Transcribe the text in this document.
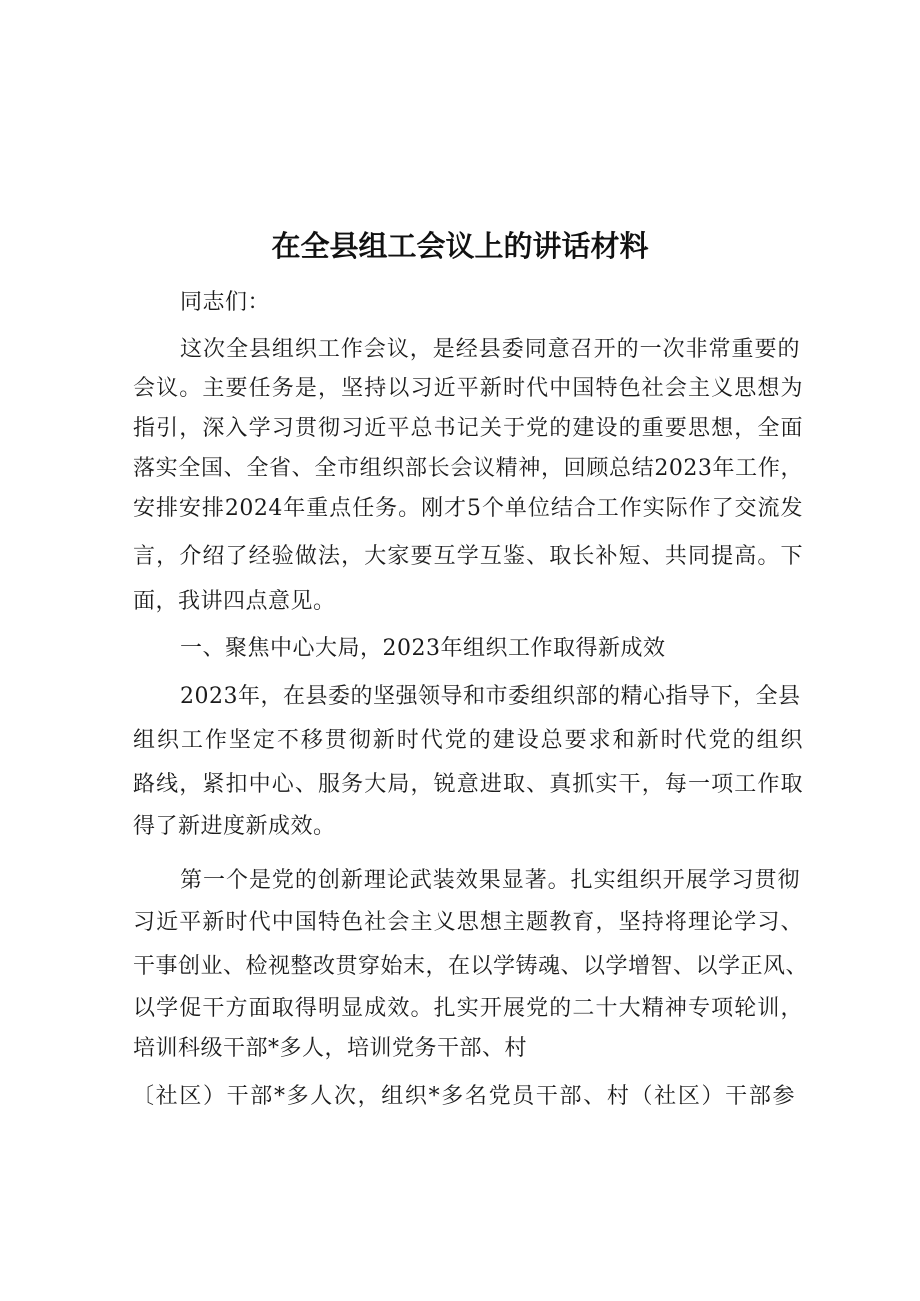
在全县组工会议上的讲话材料
同志们：
这次全县组织工作会议，是经县委同意召开的一次非常重要的
会议。主要任务是，坚持以习近平新时代中国特色社会主义思想为
指引，深入学习贯彻习近平总书记关于党的建设的重要思想，全面
落实全国、全省、全市组织部长会议精神，回顾总结2023年工作，
安排安排2024年重点任务。刚才5个单位结合工作实际作了交流发
言，介绍了经验做法，大家要互学互鉴、取长补短、共同提高。下
面，我讲四点意见。
一、聚焦中心大局，2023年组织工作取得新成效
2023年，在县委的坚强领导和市委组织部的精心指导下，全县
组织工作坚定不移贯彻新时代党的建设总要求和新时代党的组织
路线，紧扣中心、服务大局，锐意进取、真抓实干，每一项工作取
得了新进度新成效。
第一个是党的创新理论武装效果显著。扎实组织开展学习贯彻
习近平新时代中国特色社会主义思想主题教育，坚持将理论学习、
干事创业、检视整改贯穿始末，在以学铸魂、以学增智、以学正风、
以学促干方面取得明显成效。扎实开展党的二十大精神专项轮训，
培训科级干部*多人，培训党务干部、村
〔社区）干部*多人次，组织*多名党员干部、村（社区）干部参
